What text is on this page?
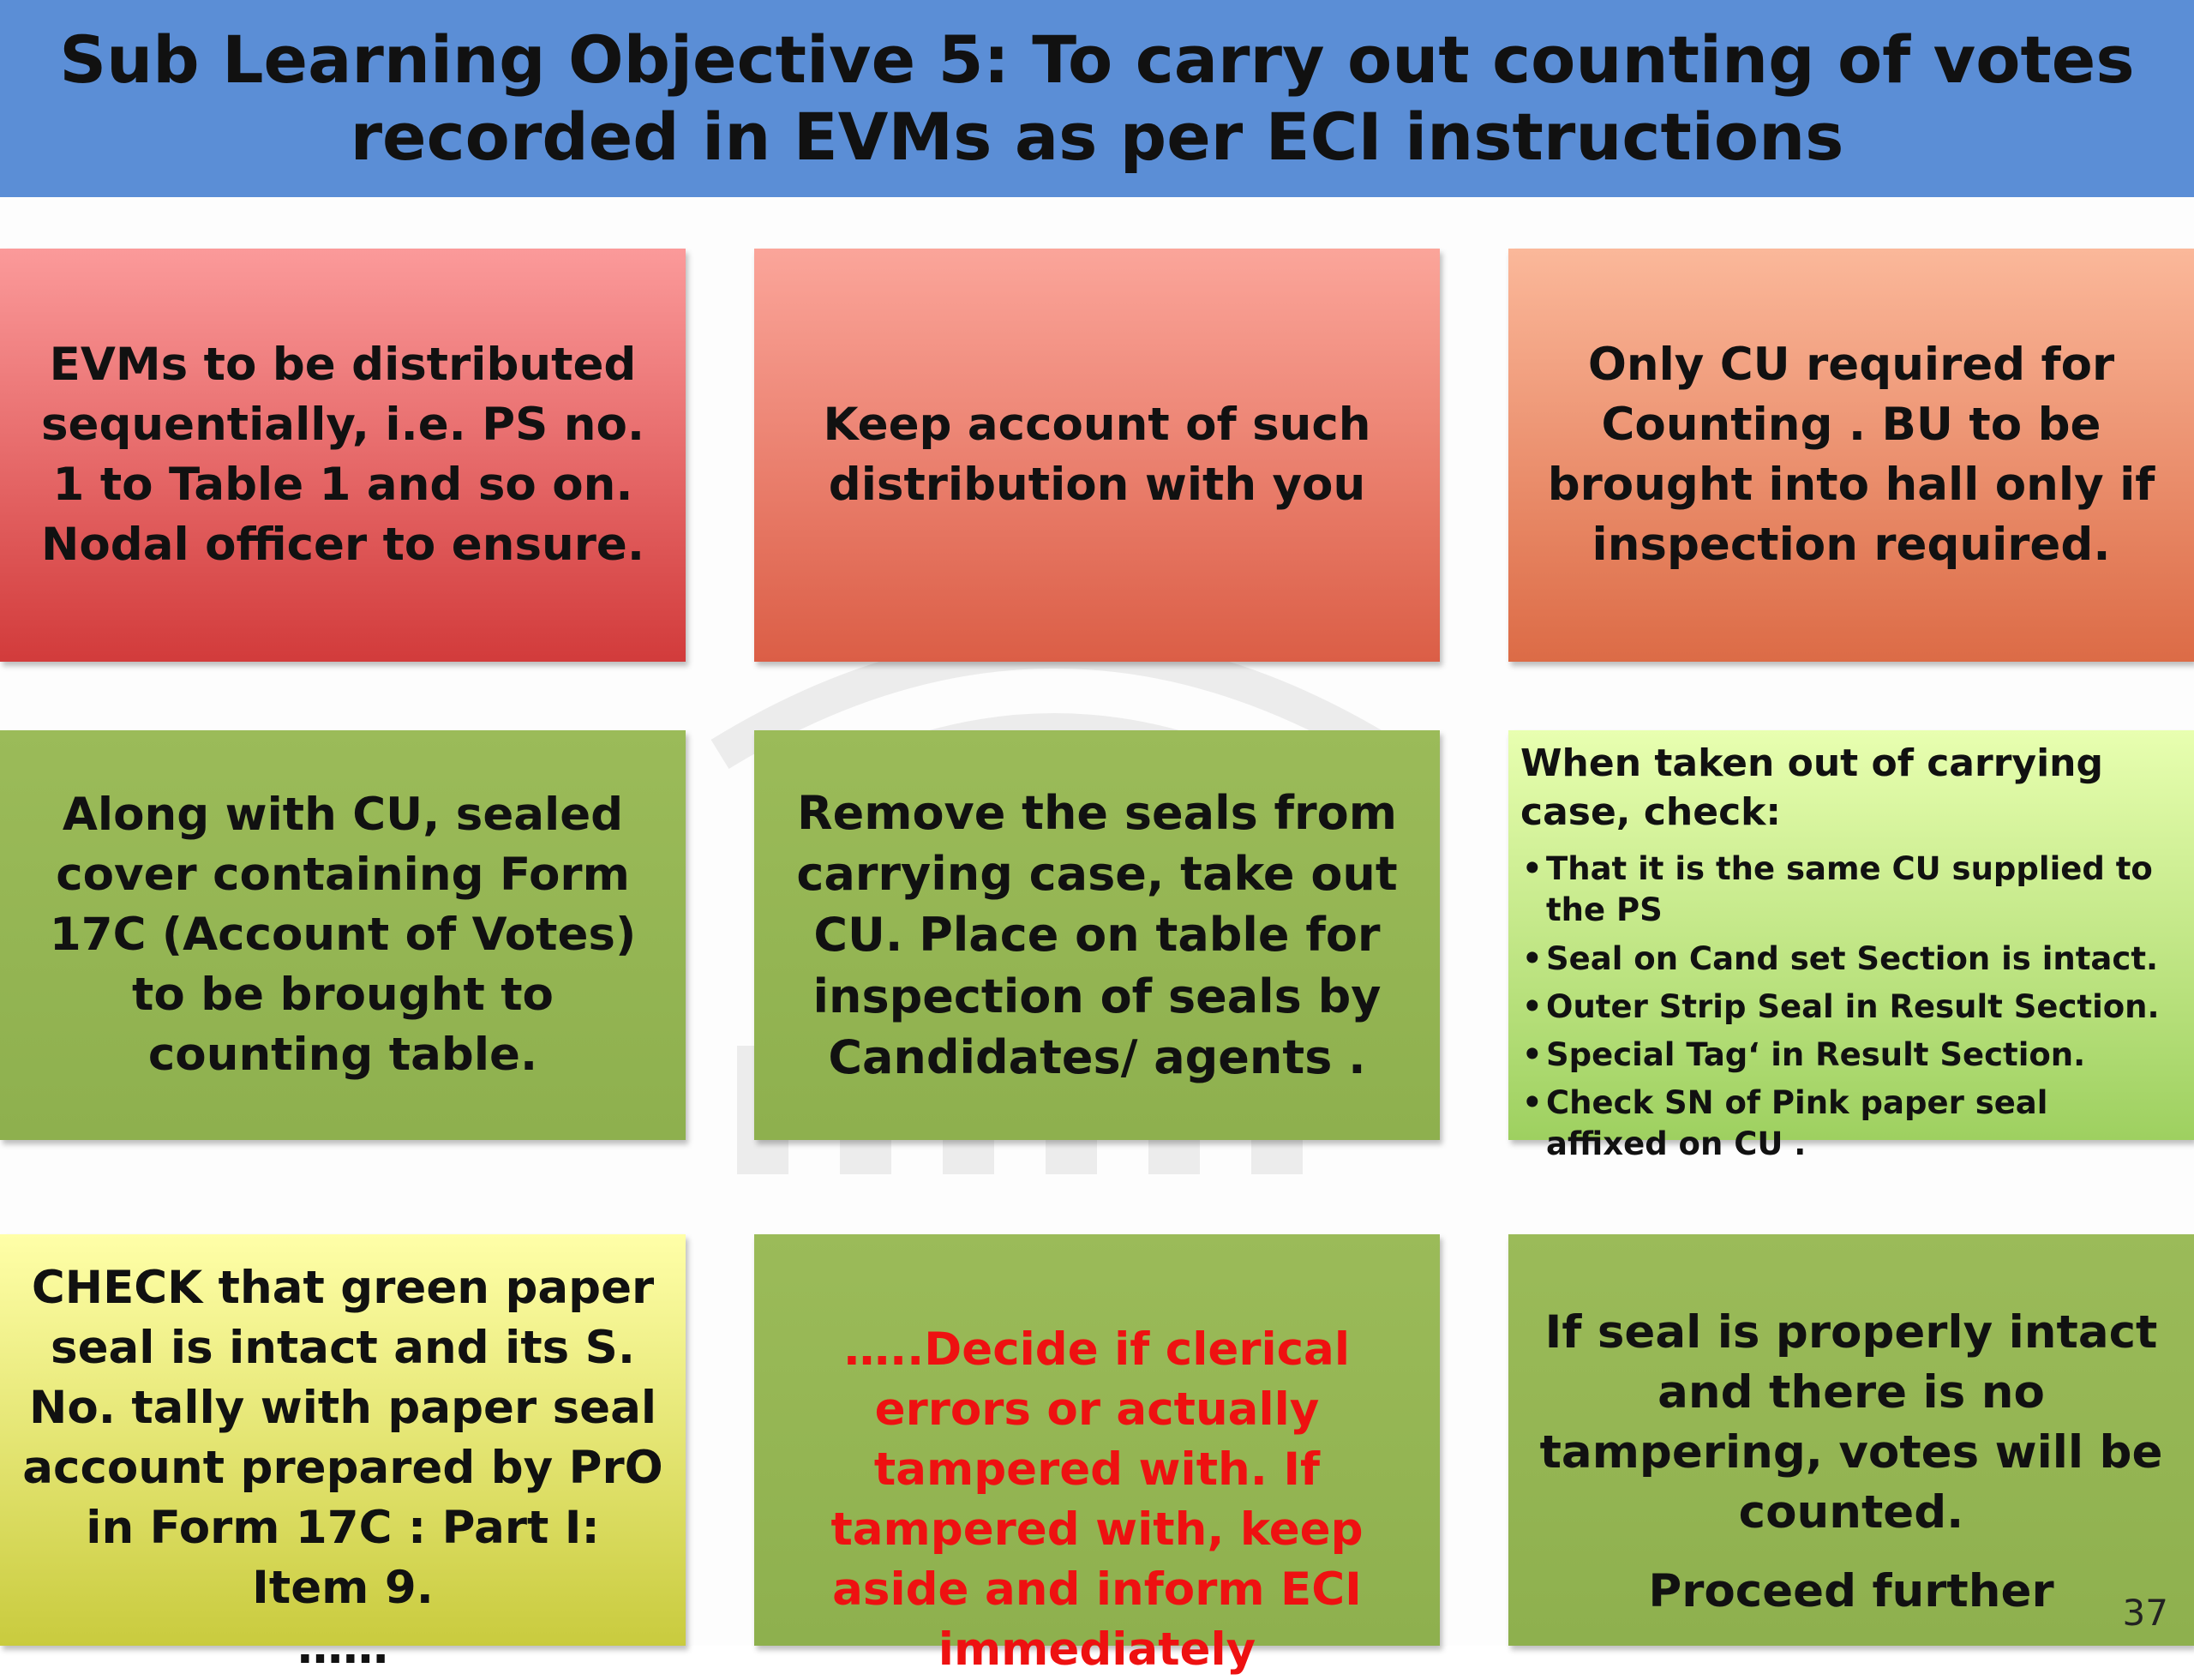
Sub Learning Objective 5: To carry out counting of votes
recorded in EVMs as per ECI instructions
EVMs to be distributed sequentially, i.e. PS no. 1 to Table 1 and so on. Nodal officer to ensure.
Keep account of such distribution with you
Only CU required for Counting . BU to be brought into hall only if inspection required.
Along with CU, sealed cover containing Form 17C (Account of Votes) to be brought to counting table.
Remove the seals from carrying case, take out CU. Place on table for inspection of seals by Candidates/ agents .
When taken out of carrying case, check:
• That it is the same CU supplied to the PS
• Seal on Cand set Section is intact.
• Outer Strip Seal in Result Section.
• Special Tag‘ in Result Section.
• Check SN of Pink paper seal affixed on CU .
CHECK that green paper seal is intact and its S. No. tally with paper seal account prepared by PrO in Form 17C : Part I: Item 9.
……
…..Decide if clerical errors or actually tampered with. If tampered with, keep aside and inform ECI immediately
If seal is properly intact and there is no tampering, votes will be counted.
Proceed further	37
